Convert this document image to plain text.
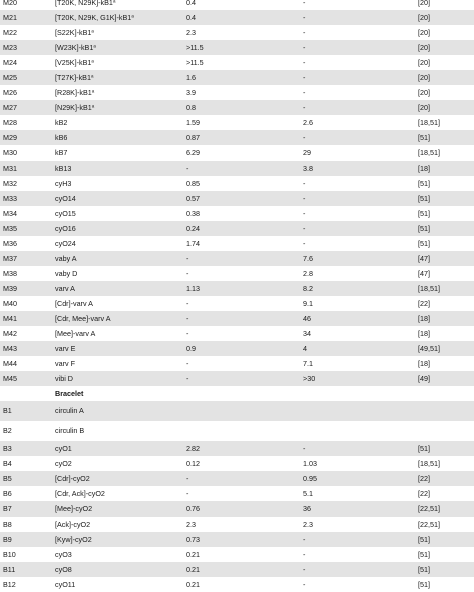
M20	[T20K, N29K]-kB1$^a$	0.4	-	[20]
M21	[T20K, N29K, G1K]-kB1$^a$	0.4	-	[20]
M22	[S22K]-kB1$^a$	2.3	-	[20]
M23	$[W23K]-kB1^a$	>11.5	-	[20]
M24	$[V25K]-kB1^a$	>11.5	-	[20]
M25	[T27K]-kB1$^a$	1.6	-	[20]
M26	[R28K]-kB1$^a$	3.9	-	[20]
M27	[N29K]-kB1$^a$	0.8	-	[20]
M28	kB2	1.59	2.6	[18,51]
M29	kB6	0.87	-	[51]
M30	kB7	6.29	29	[18,51]
M31	kB13	-	3.8	[18]
M32	cyH3	0.85	-	[51]
M33	cyO14	0.57	-	[51]
M34	cyO15	0.38	-	[51]
M35	cyO16	0.24	-	[51]
M36	cyO24	1.74	-	[51]
M37	vaby A	-	7.6	[47]
M38	vaby D	-	2.8	[47]
M39	varv A	1.13	8.2	[18,51]
M40	[Cdr]-varv A	-	9.1	[22]
M41	[Cdr, Mee]-varv A	-	46	[18]
M42	[Mee]-varv A	-	34	[18]
M43	varv E	0.9	4	[49,51]
M44	varv F	-	7.1	[18]
M45	vibi D	-	>30	[49]
Bracelet
B1	circulin A
B2	circulin B
B3	cyO1	2.82	-	[51]
B4	cyO2	0.12	1.03	[18,51]
B5	[Cdr]-cyO2	-	0.95	[22]
B6	[Cdr, Ack]-cyO2	-	5.1	[22]
B7	[Mee]-cyO2	0.76	36	[22,51]
B8	[Ack]-cyO2	2.3	2.3	[22,51]
B9	[Kyw]-cyO2	0.73	-	[51]
B10	cyO3	0.21	-	[51]
B11	cyO8	0.21	-	[51]
B12	cyO11	0.21	-	[51]
